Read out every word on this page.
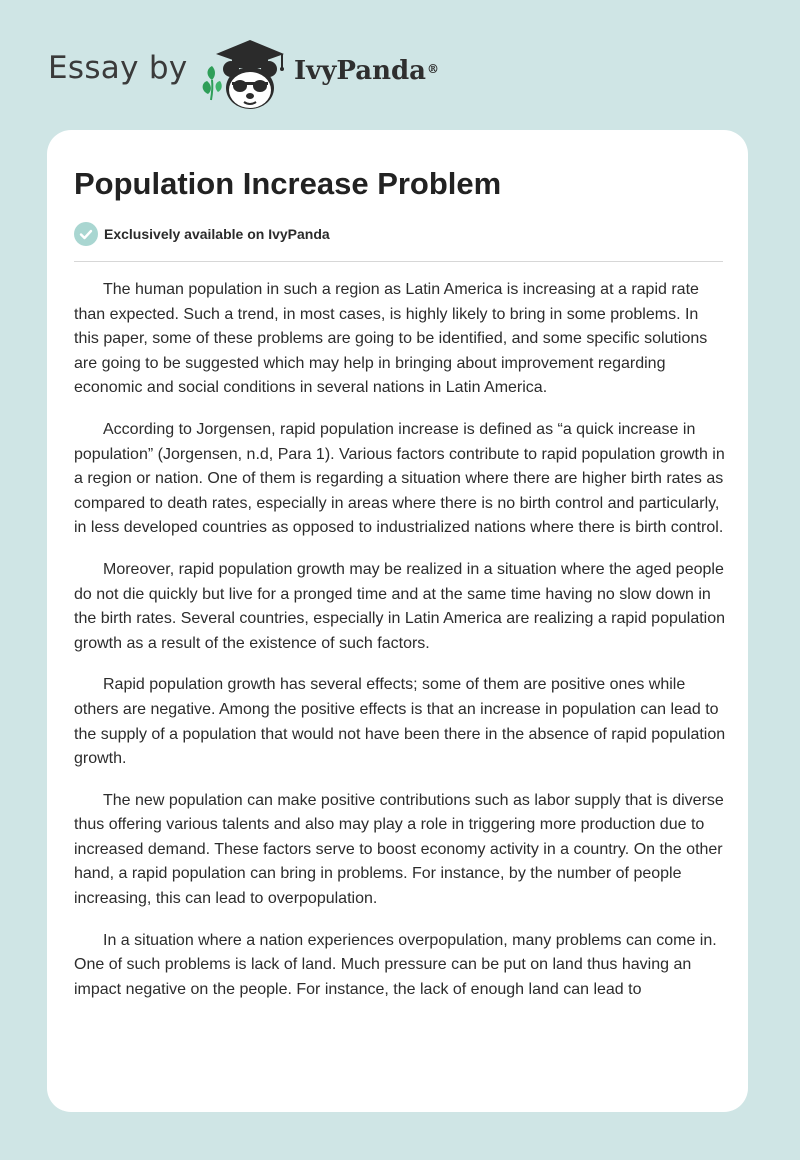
Essay by	IvyPanda®
Population Increase Problem
Exclusively available on IvyPanda

The human population in such a region as Latin America is increasing at a rapid rate than expected. Such a trend, in most cases, is highly likely to bring in some problems. In this paper, some of these problems are going to be identified, and some specific solutions are going to be suggested which may help in bringing about improvement regarding economic and social conditions in several nations in Latin America.

According to Jorgensen, rapid population increase is defined as “a quick increase in population” (Jorgensen, n.d, Para 1). Various factors contribute to rapid population growth in a region or nation. One of them is regarding a situation where there are higher birth rates as compared to death rates, especially in areas where there is no birth control and particularly, in less developed countries as opposed to industrialized nations where there is birth control.

Moreover, rapid population growth may be realized in a situation where the aged people do not die quickly but live for a pronged time and at the same time having no slow down in the birth rates. Several countries, especially in Latin America are realizing a rapid population growth as a result of the existence of such factors.

Rapid population growth has several effects; some of them are positive ones while others are negative. Among the positive effects is that an increase in population can lead to the supply of a population that would not have been there in the absence of rapid population growth.

The new population can make positive contributions such as labor supply that is diverse thus offering various talents and also may play a role in triggering more production due to increased demand. These factors serve to boost economy activity in a country. On the other hand, a rapid population can bring in problems. For instance, by the number of people increasing, this can lead to overpopulation.

In a situation where a nation experiences overpopulation, many problems can come in. One of such problems is lack of land. Much pressure can be put on land thus having an impact negative on the people. For instance, the lack of enough land can lead to
